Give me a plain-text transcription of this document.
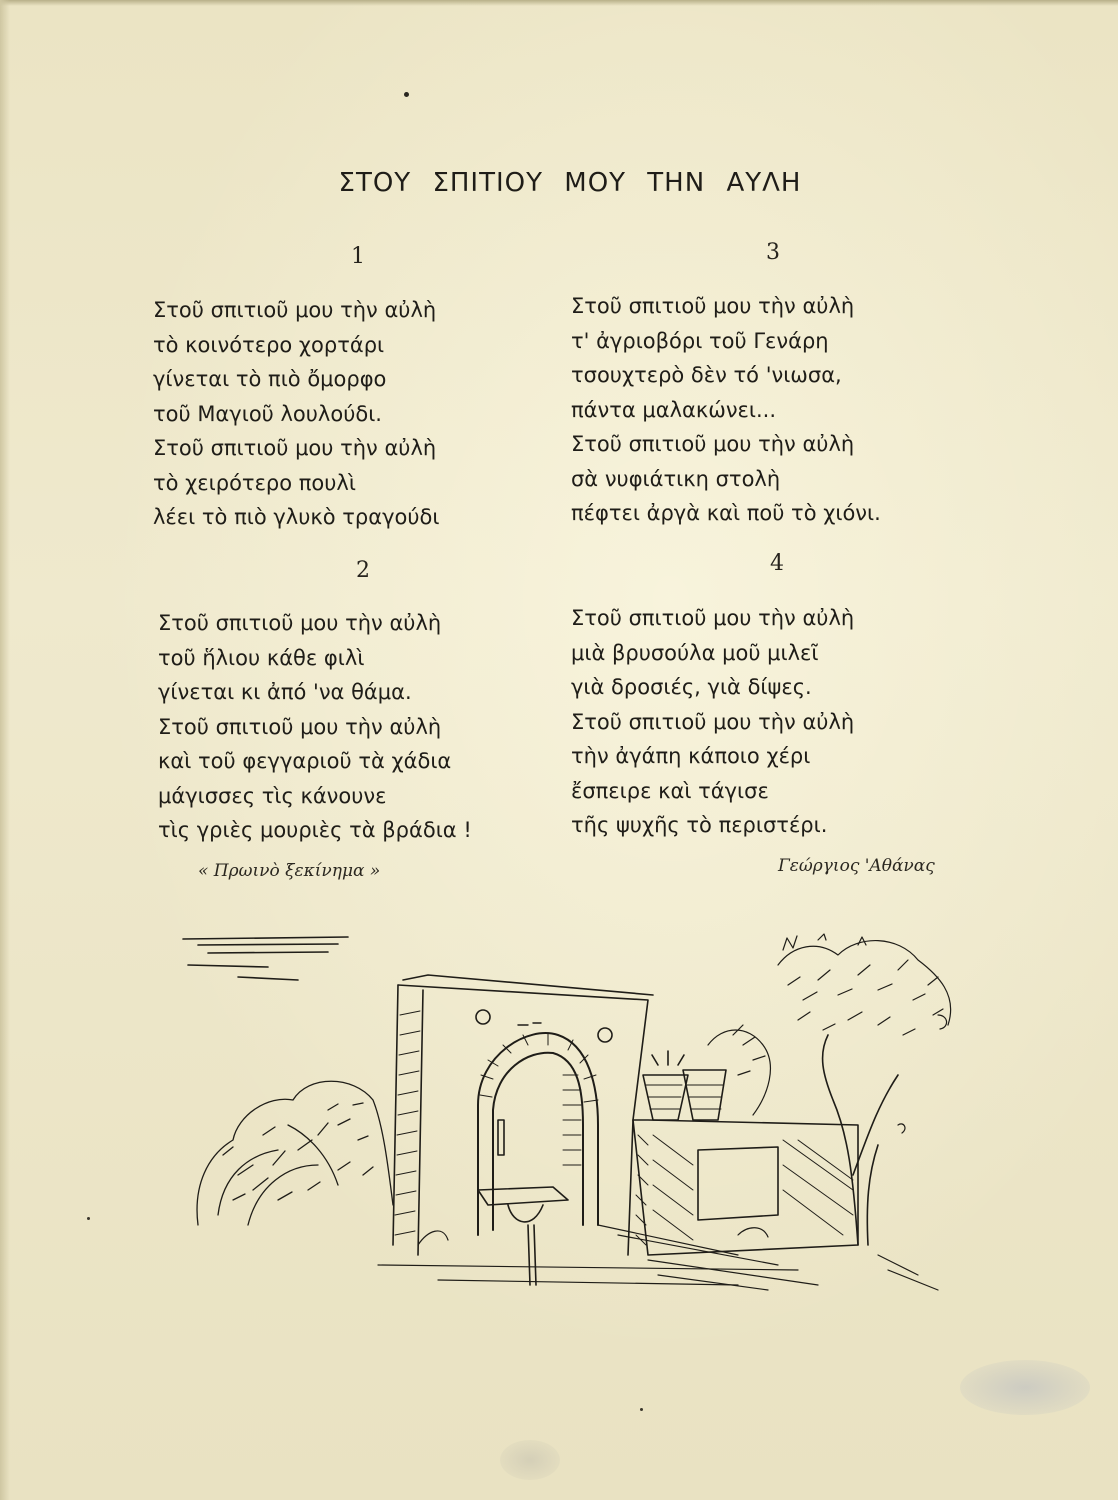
ΣΤΟΥ ΣΠΙΤΙΟΥ ΜΟΥ ΤΗΝ ΑΥΛΗ
1
Στοῦ σπιτιοῦ μου τὴν αὐλὴ
τὸ κοινότερο χορτάρι
γίνεται τὸ πιὸ ὄμορφο
τοῦ Μαγιοῦ λουλούδι.
Στοῦ σπιτιοῦ μου τὴν αὐλὴ
τὸ χειρότερο πουλὶ
λέει τὸ πιὸ γλυκὸ τραγούδι
2
Στοῦ σπιτιοῦ μου τὴν αὐλὴ
τοῦ ἥλιου κάθε φιλὶ
γίνεται κι ἀπό 'να θάμα.
Στοῦ σπιτιοῦ μου τὴν αὐλὴ
καὶ τοῦ φεγγαριοῦ τὰ χάδια
μάγισσες τὶς κάνουνε
τὶς γριὲς μουριὲς τὰ βράδια !
3
Στοῦ σπιτιοῦ μου τὴν αὐλὴ
τ' ἀγριοβόρι τοῦ Γενάρη
τσουχτερὸ δὲν τό 'νιωσα,
πάντα μαλακώνει...
Στοῦ σπιτιοῦ μου τὴν αὐλὴ
σὰ νυφιάτικη στολὴ
πέφτει ἀργὰ καὶ ποῦ τὸ χιόνι.
4
Στοῦ σπιτιοῦ μου τὴν αὐλὴ
μιὰ βρυσούλα μοῦ μιλεῖ
γιὰ δροσιές, γιὰ δίψες.
Στοῦ σπιτιοῦ μου τὴν αὐλὴ
τὴν ἀγάπη κάποιο χέρι
ἔσπειρε καὶ τάγισε
τῆς ψυχῆς τὸ περιστέρι.
« Πρωινὸ ξεκίνημα »	Γεώργιος 'Αθάνας
